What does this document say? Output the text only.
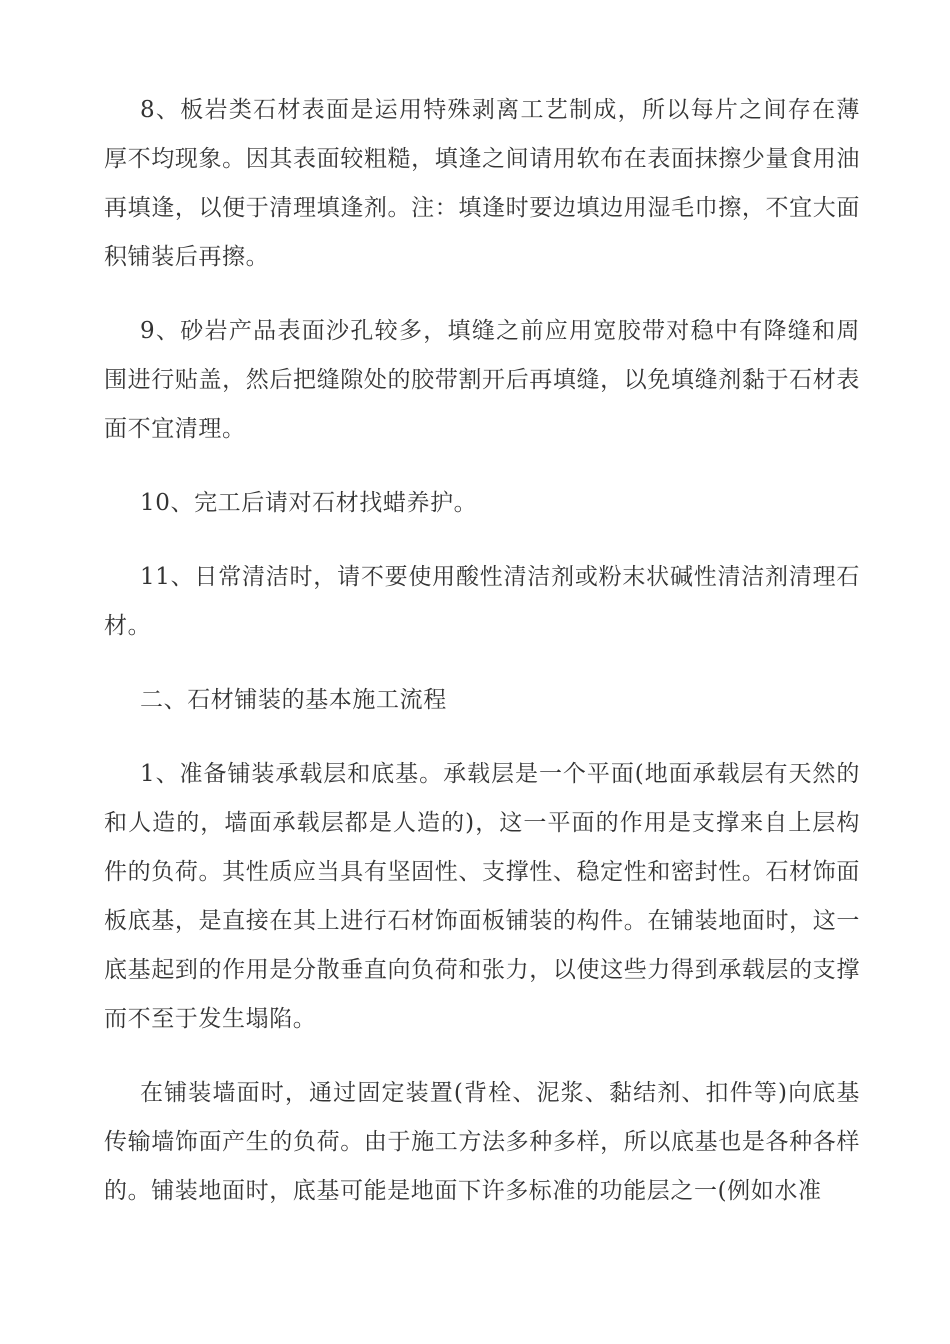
8、板岩类石材表面是运用特殊剥离工艺制成，所以每片之间存在薄厚不均现象。因其表面较粗糙，填逢之间请用软布在表面抹擦少量食用油再填逢，以便于清理填逢剂。注：填逢时要边填边用湿毛巾擦，不宜大面积铺装后再擦。

9、砂岩产品表面沙孔较多，填缝之前应用宽胶带对稳中有降缝和周围进行贴盖，然后把缝隙处的胶带割开后再填缝，以免填缝剂黏于石材表面不宜清理。

10、完工后请对石材找蜡养护。

11、日常清洁时，请不要使用酸性清洁剂或粉末状碱性清洁剂清理石材。

二、石材铺装的基本施工流程

1、准备铺装承载层和底基。承载层是一个平面(地面承载层有天然的和人造的，墙面承载层都是人造的)，这一平面的作用是支撑来自上层构件的负荷。其性质应当具有坚固性、支撑性、稳定性和密封性。石材饰面板底基，是直接在其上进行石材饰面板铺装的构件。在铺装地面时，这一底基起到的作用是分散垂直向负荷和张力，以使这些力得到承载层的支撑而不至于发生塌陷。

在铺装墙面时，通过固定装置(背栓、泥浆、黏结剂、扣件等)向底基传输墙饰面产生的负荷。由于施工方法多种多样，所以底基也是各种各样的。铺装地面时，底基可能是地面下许多标准的功能层之一(例如水准
